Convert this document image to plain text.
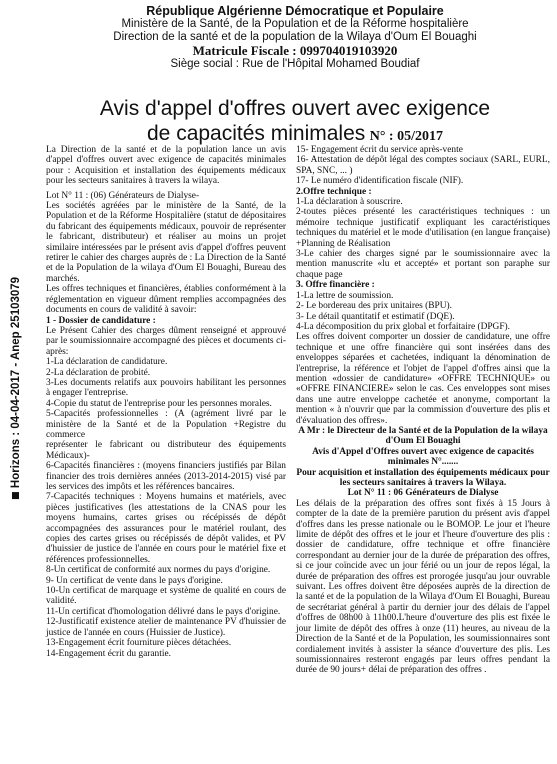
Horizons : 04-04-2017 - Anep 2510307​9
République Algérienne Démocratique et Populaire
Ministère de la Santé, de la Population et de la Réforme hospitalière
Direction de la santé et de la population de la Wilaya d'Oum El Bouaghi
Matricule Fiscale : 099704019103920
Siège social : Rue de l'Hôpital Mohamed Boudiaf
Avis d'appel d'offres ouvert avec exigence
de capacités minimales N° : 05/2017

La Direction de la santé et de la population lance un avis d'appel d'offres ouvert avec exigence de capacités minimales pour : Acquisition et installation des équipements médicaux pour les secteurs sanitaires à travers la wilaya.

Lot N° 11 : (06) Générateurs de Dialyse-

Les sociétés agréées par le ministère de la Santé, de la Population et de la Réforme Hospitalière (statut de dépositaires du fabricant des équipements médicaux, pouvoir de représenter le fabricant, distributeur) et réaliser au moins un projet similaire intéressées par le présent avis d'appel d'offres peuvent retirer le cahier des charges auprès de : La Direction de la Santé et de la Population de la wilaya d'Oum El Bouaghi, Bureau des marchés.

Les offres techniques et financières, établies conformément à la réglementation en vigueur dûment remplies accompagnées des documents en cours de validité à savoir:

1 - Dossier de candidature :

Le Présent Cahier des charges dûment renseigné et approuvé par le soumissionnaire accompagné des pièces et documents ci-après:

1-La déclaration de candidature.

2-La déclaration de probité.

3-Les documents relatifs aux pouvoirs habilitant les personnes à engager l'entreprise.

4-Copie du statut de l'entreprise pour les personnes morales.

5-Capacités professionnelles : (A (agrément livré par le ministère de la Santé et de la Population +Registre du commerce

représenter le fabricant ou distributeur des équipements Médicaux)-

6-Capacités financières : (moyens financiers justifiés par Bilan financier des trois dernières années (2013-2014-2015) visé par les services des impôts et les références bancaires.

7-Capacités techniques : Moyens humains et matériels, avec pièces justificatives (les attestations de la CNAS pour les moyens humains, cartes grises ou récépissés de dépôt accompagnées des assurances pour le matériel roulant, des copies des cartes grises ou récépissés de dépôt valides, et PV d'huissier de justice de l'année en cours pour le matériel fixe et références professionnelles.

8-Un certificat de conformité aux normes du pays d'origine.

9- Un certificat de vente dans le pays d'origine.

10-Un certificat de marquage et système de qualité en cours de validité.

11-Un certificat d'homologation délivré dans le pays d'origine.

12-Justificatif existence atelier de maintenance PV d'huissier de justice de l'année en cours (Huissier de Justice).

13-Engagement écrit fourniture pièces détachées.

14-Engagement écrit du garantie.

15- Engagement écrit du service après-vente

16- Attestation de dépôt légal des comptes sociaux (SARL, EURL, SPA, SNC, ... )

17- Le numéro d'identification fiscale (NIF).

2.Offre technique :

1-La déclaration à souscrire.

2-toutes pièces présenté les caractéristiques techniques : un mémoire technique justificatif expliquant les caractéristiques techniques du matériel et le mode d'utilisation (en langue française) +Planning de Réalisation

3-Le cahier des charges signé par le soumissionnaire avec la mention manuscrite «lu et accepté» et portant son paraphe sur chaque page

3. Offre financière :

1-La lettre de soumission.

2- Le bordereau des prix unitaires (BPU).

3- Le détail quantitatif et estimatif (DQE).

4-La décomposition du prix global et forfaitaire (DPGF).

Les offres doivent comporter un dossier de candidature, une offre technique et une offre financière qui sont insérées dans des enveloppes séparées et cachetées, indiquant la dénomination de l'entreprise, la référence et l'objet de l'appel d'offres ainsi que la mention «dossier de candidature» «OFFRE TECHNIQUE» ou «OFFRE FINANCIERE» selon le cas. Ces enveloppes sont mises dans une autre enveloppe cachetée et anonyme, comportant la mention « à n'ouvrir que par la commission d'ouverture des plis et d'évaluation des offres».

A Mr : le Directeur de la Santé et de la Population de la wilaya d'Oum El Bouaghi

Avis d'Appel d'Offres ouvert avec exigence de capacités minimales N°.......

Pour acquisition et installation des équipements médicaux pour les secteurs sanitaires à travers la Wilaya.

Lot N° 11 : 06 Générateurs de Dialyse

Les délais de la préparation des offres sont fixés à 15 Jours à compter de la date de la première parution du présent avis d'appel d'offres dans les presse nationale ou le BOMOP. Le jour et l'heure limite de dépôt des offres et le jour et l'heure d'ouverture des plis : dossier de candidature, offre technique et offre financière correspondant au dernier jour de la durée de préparation des offres, si ce jour coïncide avec un jour férié ou un jour de repos légal, la durée de préparation des offres est prorogée jusqu'au jour ouvrable suivant. Les offres doivent être déposées auprès de la direction de la santé et de la population de la Wilaya d'Oum El Bouaghi, Bureau de secrétariat général à partir du dernier jour des délais de l'appel d'offres de 08h00 à 11h00.L'heure d'ouverture des plis est fixée le jour limite de dépôt des offres à onze (11) heures, au niveau de la Direction de la Santé et de la Population, les soumissionnaires sont cordialement invités à assister la séance d'ouverture des plis. Les soumissionnaires resteront engagés par leurs offres pendant la durée de 90 jours+ délai de préparation des offres .
